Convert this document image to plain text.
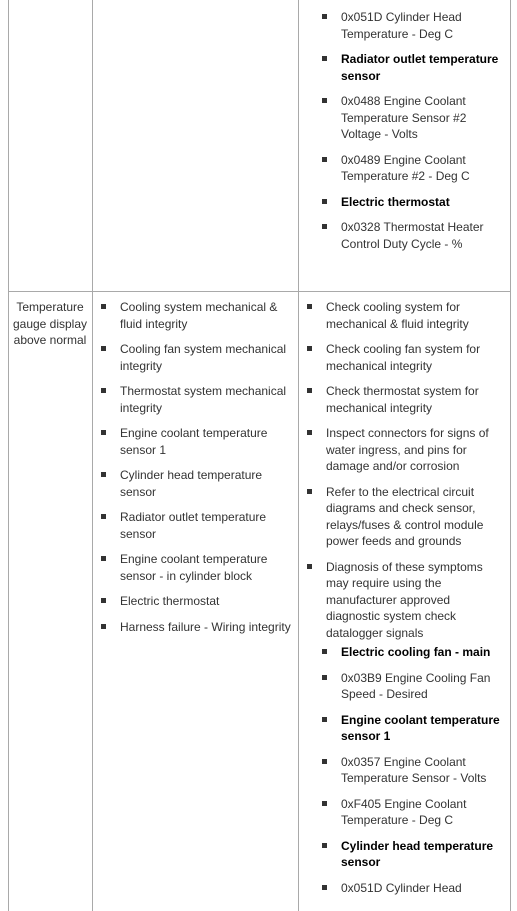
0x051D Cylinder Head Temperature - Deg C
Radiator outlet temperature sensor
0x0488 Engine Coolant Temperature Sensor #2 Voltage - Volts
0x0489 Engine Coolant Temperature #2 - Deg C
Electric thermostat
0x0328 Thermostat Heater Control Duty Cycle - %
Temperature gauge display above normal
Cooling system mechanical & fluid integrity
Cooling fan system mechanical integrity
Thermostat system mechanical integrity
Engine coolant temperature sensor 1
Cylinder head temperature sensor
Radiator outlet temperature sensor
Engine coolant temperature sensor - in cylinder block
Electric thermostat
Harness failure - Wiring integrity
Check cooling system for mechanical & fluid integrity
Check cooling fan system for mechanical integrity
Check thermostat system for mechanical integrity
Inspect connectors for signs of water ingress, and pins for damage and/or corrosion
Refer to the electrical circuit diagrams and check sensor, relays/fuses & control module power feeds and grounds
Diagnosis of these symptoms may require using the manufacturer approved diagnostic system check datalogger signals
Electric cooling fan - main
0x03B9 Engine Cooling Fan Speed - Desired
Engine coolant temperature sensor 1
0x0357 Engine Coolant Temperature Sensor - Volts
0xF405 Engine Coolant Temperature - Deg C
Cylinder head temperature sensor
0x051D Cylinder Head
